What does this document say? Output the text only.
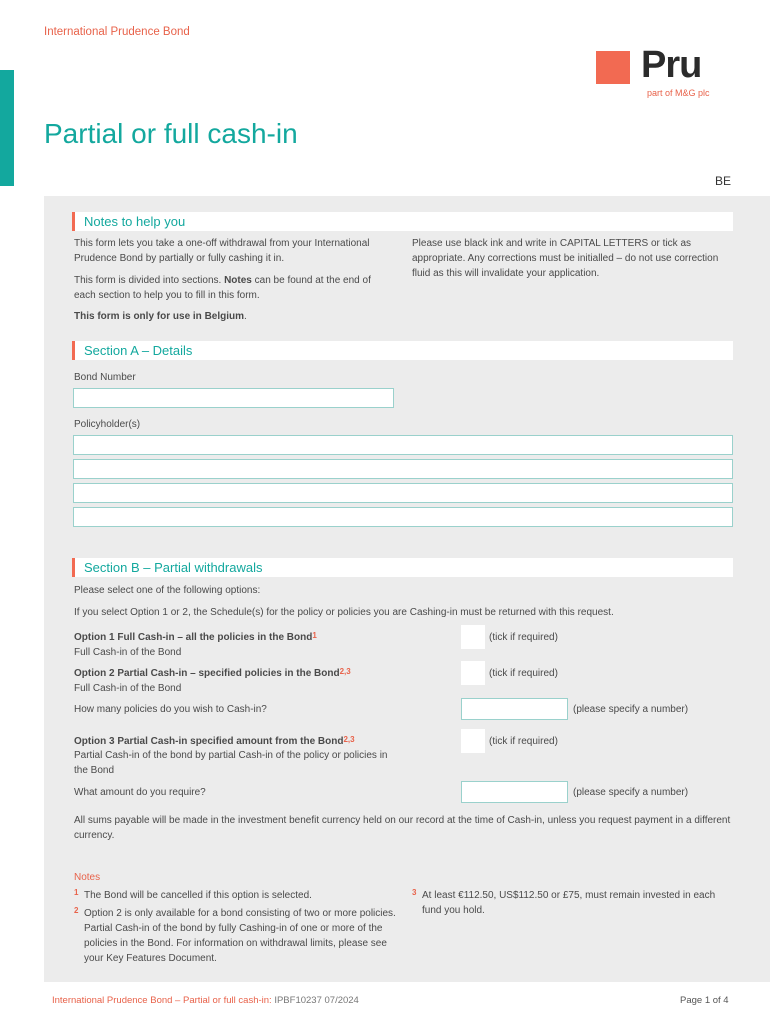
International Prudence Bond
Pru
part of M&G plc
Partial or full cash-in
BE
Notes to help you
This form lets you take a one-off withdrawal from your International Prudence Bond by partially or fully cashing it in.
This form is divided into sections. Notes can be found at the end of each section to help you to fill in this form.
This form is only for use in Belgium.
Please use black ink and write in CAPITAL LETTERS or tick as appropriate. Any corrections must be initialled – do not use correction fluid as this will invalidate your application.
Section A – Details
Bond Number
Policyholder(s)
Section B – Partial withdrawals
Please select one of the following options:
If you select Option 1 or 2, the Schedule(s) for the policy or policies you are Cashing-in must be returned with this request.
Option 1 Full Cash-in – all the policies in the Bond$^1$
Full Cash-in of the Bond
(tick if required)
Option 2 Partial Cash-in – specified policies in the Bond$^{2,3}$
Full Cash-in of the Bond
(tick if required)
How many policies do you wish to Cash-in?	(please specify a number)
Option 3 Partial Cash-in specified amount from the Bond$^{2,3}$
Partial Cash-in of the bond by partial Cash-in of the policy or policies in the Bond
(tick if required)
What amount do you require?	(please specify a number)
All sums payable will be made in the investment benefit currency held on our record at the time of Cash-in, unless you request payment in a different currency.
Notes
1 The Bond will be cancelled if this option is selected.
2 Option 2 is only available for a bond consisting of two or more policies. Partial Cash-in of the bond by fully Cashing-in of one or more of the policies in the Bond. For information on withdrawal limits, please see your Key Features Document.
3 At least €112.50, US$112.50 or £75, must remain invested in each fund you hold.
International Prudence Bond – Partial or full cash-in: IPBF10237 07/2024	Page 1 of 4
